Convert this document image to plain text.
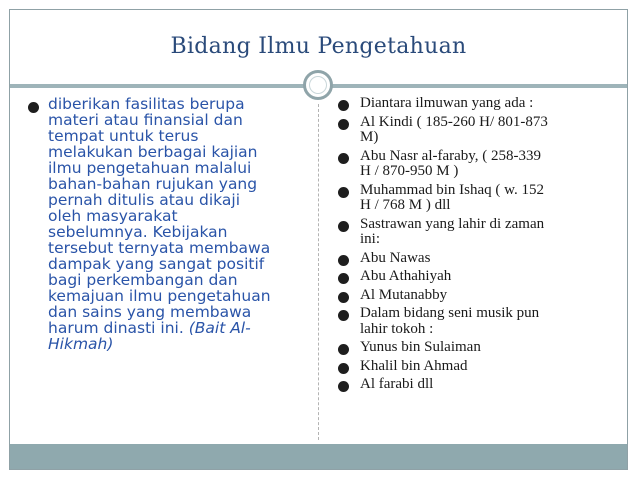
Bidang Ilmu Pengetahuan
diberikan fasilitas berupa
materi atau finansial dan
tempat untuk terus
melakukan berbagai kajian
ilmu pengetahuan malalui
bahan-bahan rujukan yang
pernah ditulis atau dikaji
oleh masyarakat
sebelumnya. Kebijakan
tersebut ternyata membawa
dampak yang sangat positif
bagi perkembangan dan
kemajuan ilmu pengetahuan
dan sains yang membawa
harum dinasti ini. (Bait Al-
Hikmah)
Diantara ilmuwan yang ada :
Al Kindi ( 185-260 H/ 801-873
M)
Abu Nasr al-faraby, ( 258-339
H / 870-950 M )
Muhammad bin Ishaq ( w. 152
H / 768 M ) dll
Sastrawan yang lahir di zaman
ini:
Abu Nawas
Abu Athahiyah
Al Mutanabby
Dalam bidang seni musik pun
lahir tokoh :
Yunus bin Sulaiman
Khalil bin Ahmad
Al farabi dll
